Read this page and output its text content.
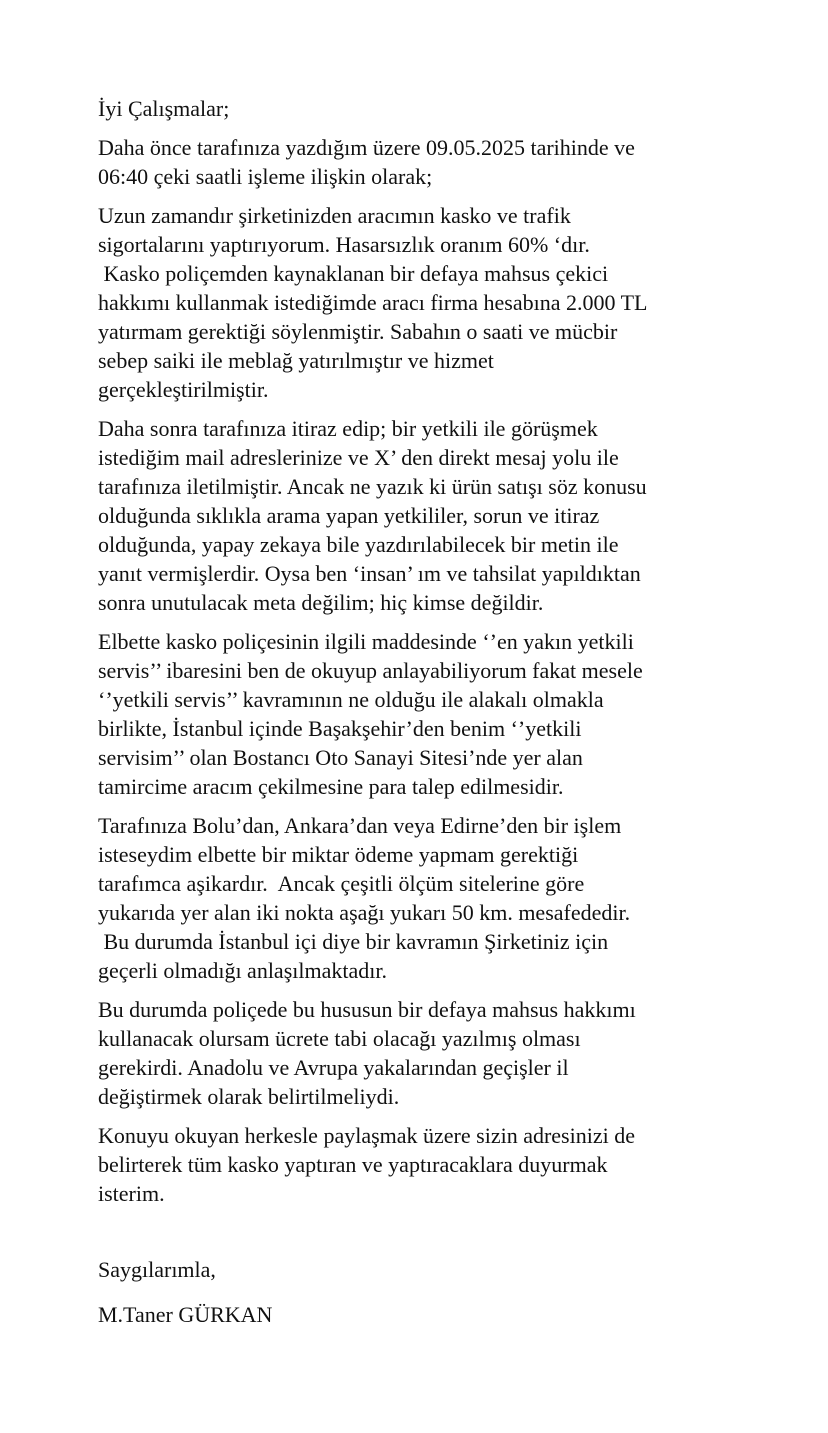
İyi Çalışmalar;
Daha önce tarafınıza yazdığım üzere 09.05.2025 tarihinde ve
06:40 çeki saatli işleme ilişkin olarak;
Uzun zamandır şirketinizden aracımın kasko ve trafik
sigortalarını yaptırıyorum. Hasarsızlık oranım 60% ‘dır.
Kasko poliçemden kaynaklanan bir defaya mahsus çekici
hakkımı kullanmak istediğimde aracı firma hesabına 2.000 TL
yatırmam gerektiği söylenmiştir. Sabahın o saati ve mücbir
sebep saiki ile meblağ yatırılmıştır ve hizmet
gerçekleştirilmiştir.
Daha sonra tarafınıza itiraz edip; bir yetkili ile görüşmek
istediğim mail adreslerinize ve X’ den direkt mesaj yolu ile
tarafınıza iletilmiştir. Ancak ne yazık ki ürün satışı söz konusu
olduğunda sıklıkla arama yapan yetkililer, sorun ve itiraz
olduğunda, yapay zekaya bile yazdırılabilecek bir metin ile
yanıt vermişlerdir. Oysa ben ‘insan’ ım ve tahsilat yapıldıktan
sonra unutulacak meta değilim; hiç kimse değildir.
Elbette kasko poliçesinin ilgili maddesinde ‘’en yakın yetkili
servis’’ ibaresini ben de okuyup anlayabiliyorum fakat mesele
‘’yetkili servis’’ kavramının ne olduğu ile alakalı olmakla
birlikte, İstanbul içinde Başakşehir’den benim ‘’yetkili
servisim’’ olan Bostancı Oto Sanayi Sitesi’nde yer alan
tamircime aracım çekilmesine para talep edilmesidir.
Tarafınıza Bolu’dan, Ankara’dan veya Edirne’den bir işlem
isteseydim elbette bir miktar ödeme yapmam gerektiği
tarafımca aşikardır.  Ancak çeşitli ölçüm sitelerine göre
yukarıda yer alan iki nokta aşağı yukarı 50 km. mesafededir.
Bu durumda İstanbul içi diye bir kavramın Şirketiniz için
geçerli olmadığı anlaşılmaktadır.
Bu durumda poliçede bu hususun bir defaya mahsus hakkımı
kullanacak olursam ücrete tabi olacağı yazılmış olması
gerekirdi. Anadolu ve Avrupa yakalarından geçişler il
değiştirmek olarak belirtilmeliydi.
Konuyu okuyan herkesle paylaşmak üzere sizin adresinizi de
belirterek tüm kasko yaptıran ve yaptıracaklara duyurmak
isterim.
Saygılarımla,
M.Taner GÜRKAN
